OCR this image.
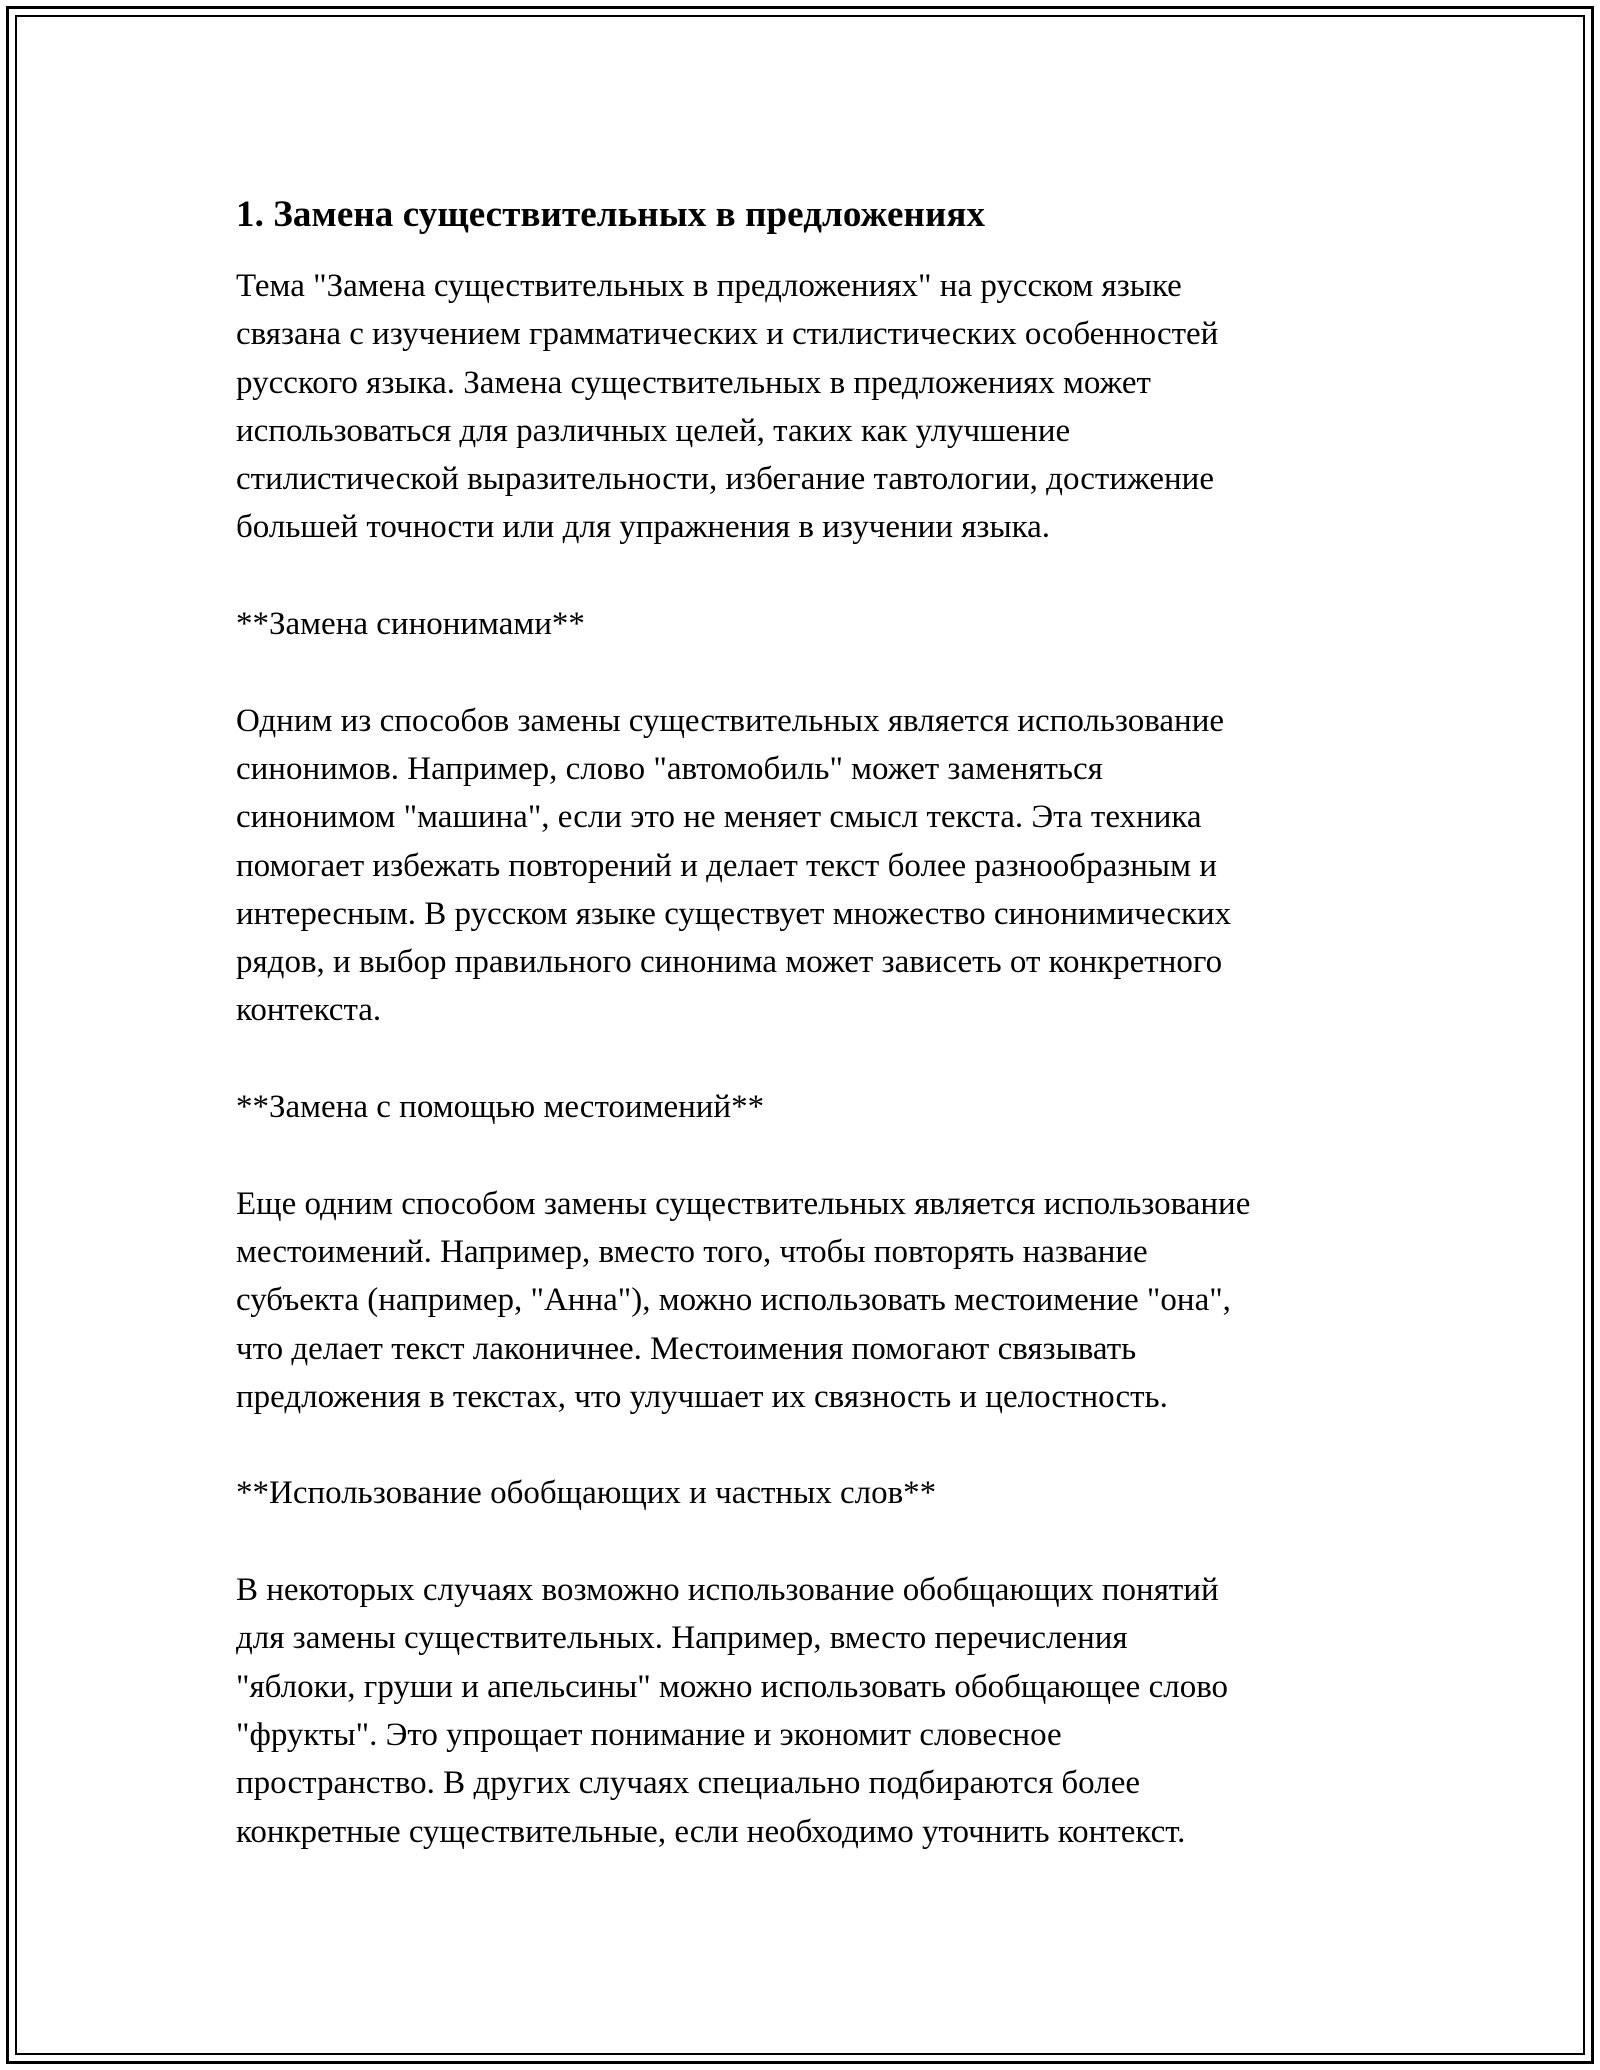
1. Замена существительных в предложениях

Тема "Замена существительных в предложениях" на русском языке
связана с изучением грамматических и стилистических особенностей
русского языка. Замена существительных в предложениях может
использоваться для различных целей, таких как улучшение
стилистической выразительности, избегание тавтологии, достижение
большей точности или для упражнения в изучении языка.

**Замена синонимами**

Одним из способов замены существительных является использование
синонимов. Например, слово "автомобиль" может заменяться
синонимом "машина", если это не меняет смысл текста. Эта техника
помогает избежать повторений и делает текст более разнообразным и
интересным. В русском языке существует множество синонимических
рядов, и выбор правильного синонима может зависеть от конкретного
контекста.

**Замена с помощью местоимений**

Еще одним способом замены существительных является использование
местоимений. Например, вместо того, чтобы повторять название
субъекта (например, "Анна"), можно использовать местоимение "она",
что делает текст лаконичнее. Местоимения помогают связывать
предложения в текстах, что улучшает их связность и целостность.

**Использование обобщающих и частных слов**

В некоторых случаях возможно использование обобщающих понятий
для замены существительных. Например, вместо перечисления
"яблоки, груши и апельсины" можно использовать обобщающее слово
"фрукты". Это упрощает понимание и экономит словесное
пространство. В других случаях специально подбираются более
конкретные существительные, если необходимо уточнить контекст.
